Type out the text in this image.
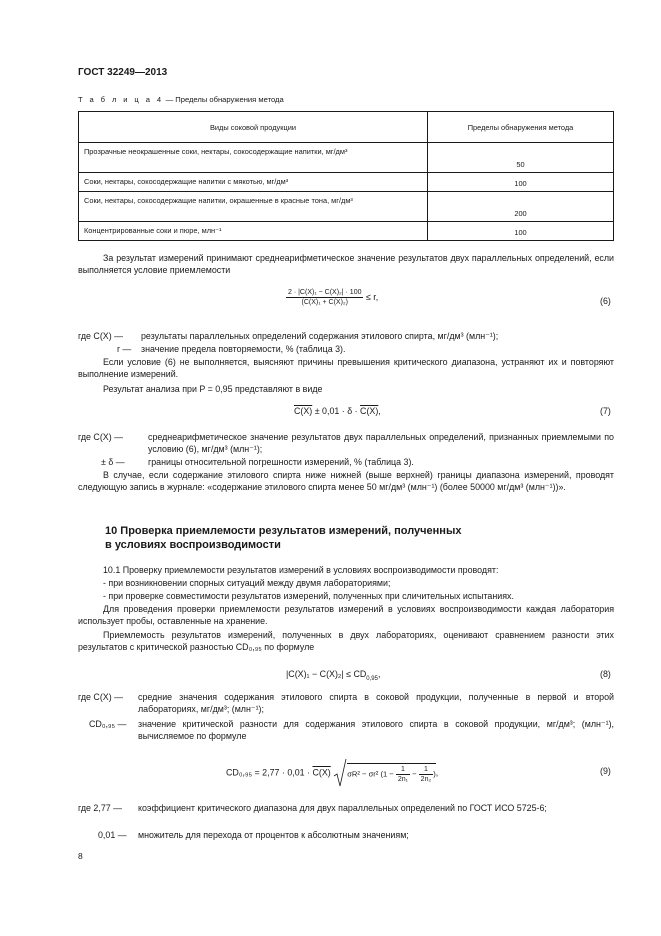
ГОСТ 32249—2013
Т а б л и ц а 4 — Пределы обнаружения метода
Виды соковой продукции	Пределы обнаружения метода
Прозрачные неокрашенные соки, нектары, сокосодержащие напитки, мг/дм³	50
Соки, нектары, сокосодержащие напитки с мякотью, мг/дм³	100
Соки, нектары, сокосодержащие напитки, окрашенные в красные тона, мг/дм³	200
Концентрированные соки и пюре, млн⁻¹	100
За результат измерений принимают среднеарифметическое значение результатов двух параллельных определений, если выполняется условие приемлемости
$\frac{\text{2 · |C(X)₁ − C(X)₂| · 100}}{\text{(C(X)₁ + C(X)₂)}} \le r$,	(6)
где C(X) — результаты параллельных определений содержания этилового спирта, мг/дм³ (млн⁻¹);
r — значение предела повторяемости, % (таблица 3).
Если условие (6) не выполняется, выясняют причины превышения критического диапазона, устраняют их и повторяют выполнение измерений.
Результат анализа при P = 0,95 представляют в виде
C(X) ± 0,01 · δ · C(X),	(7)
где C(X) —	среднеарифметическое значение результатов двух параллельных определений, признанных приемлемыми по условию (6), мг/дм³ (млн⁻¹);
± δ —	границы относительной погрешности измерений, % (таблица 3).
В случае, если содержание этилового спирта ниже нижней (выше верхней) границы диапазона измерений, проводят следующую запись в журнале: «содержание этилового спирта менее 50 мг/дм³ (млн⁻¹) (более 50000 мг/дм³ (млн⁻¹))».
10 Проверка приемлемости результатов измерений, полученных
в условиях воспроизводимости
10.1 Проверку приемлемости результатов измерений в условиях воспроизводимости проводят:
- при возникновении спорных ситуаций между двумя лабораториями;
- при проверке совместимости результатов измерений, полученных при сличительных испытаниях.
Для проведения проверки приемлемости результатов измерений в условиях воспроизводимости каждая лаборатория использует пробы, оставленные на хранение.
Приемлемость результатов измерений, полученных в двух лабораториях, оценивают сравнением разности этих результатов с критической разностью CD₀,₉₅ по формуле
$|C(X)_1 - C(X)_2| \le CD_{0,95}$,	(8)
где C(X) — средние значения содержания этилового спирта в соковой продукции, полученные в первой и второй лабораториях, мг/дм³; (млн⁻¹);
CD₀,₉₅ — значение критической разности для содержания этилового спирта в соковой продукции, мг/дм³; (млн⁻¹), вычисляемое по формуле
CD₀,₉₅ = 2,77 · 0,01 · C(X) σR² − σr² ($1 - \frac{1}{\text{2n₁}} - \frac{1}{\text{2n₂}}$ ),	(9)
где 2,77 — коэффициент критического диапазона для двух параллельных определений по ГОСТ ИСО 5725-6;
0,01 — множитель для перехода от процентов к абсолютным значениям;
8
